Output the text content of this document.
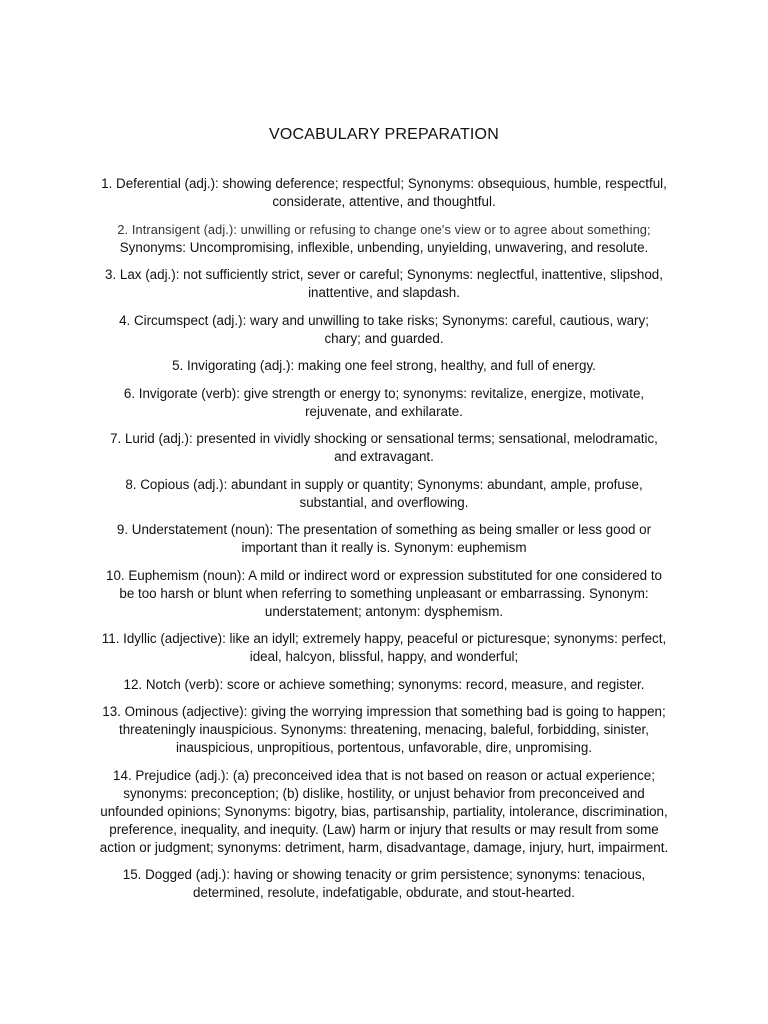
VOCABULARY PREPARATION
1. Deferential (adj.): showing deference; respectful; Synonyms: obsequious, humble, respectful,
considerate, attentive, and thoughtful.
2. Intransigent (adj.): unwilling or refusing to change one's view or to agree about something;
Synonyms: Uncompromising, inflexible, unbending, unyielding, unwavering, and resolute.
3. Lax (adj.): not sufficiently strict, sever or careful; Synonyms: neglectful, inattentive, slipshod,
inattentive, and slapdash.
4. Circumspect (adj.): wary and unwilling to take risks; Synonyms: careful, cautious, wary;
chary; and guarded.
5. Invigorating (adj.): making one feel strong, healthy, and full of energy.
6. Invigorate (verb): give strength or energy to; synonyms: revitalize, energize, motivate,
rejuvenate, and exhilarate.
7. Lurid (adj.): presented in vividly shocking or sensational terms; sensational, melodramatic,
and extravagant.
8. Copious (adj.): abundant in supply or quantity; Synonyms: abundant, ample, profuse,
substantial, and overflowing.
9. Understatement (noun): The presentation of something as being smaller or less good or
important than it really is. Synonym: euphemism
10. Euphemism (noun): A mild or indirect word or expression substituted for one considered to
be too harsh or blunt when referring to something unpleasant or embarrassing. Synonym:
understatement; antonym: dysphemism.
11. Idyllic (adjective): like an idyll; extremely happy, peaceful or picturesque; synonyms: perfect,
ideal, halcyon, blissful, happy, and wonderful;
12. Notch (verb): score or achieve something; synonyms: record, measure, and register.
13. Ominous (adjective): giving the worrying impression that something bad is going to happen;
threateningly inauspicious. Synonyms: threatening, menacing, baleful, forbidding, sinister,
inauspicious, unpropitious, portentous, unfavorable, dire, unpromising.
14. Prejudice (adj.): (a) preconceived idea that is not based on reason or actual experience;
synonyms: preconception; (b) dislike, hostility, or unjust behavior from preconceived and
unfounded opinions; Synonyms: bigotry, bias, partisanship, partiality, intolerance, discrimination,
preference, inequality, and inequity. (Law) harm or injury that results or may result from some
action or judgment; synonyms: detriment, harm, disadvantage, damage, injury, hurt, impairment.
15. Dogged (adj.): having or showing tenacity or grim persistence; synonyms: tenacious,
determined, resolute, indefatigable, obdurate, and stout-hearted.
